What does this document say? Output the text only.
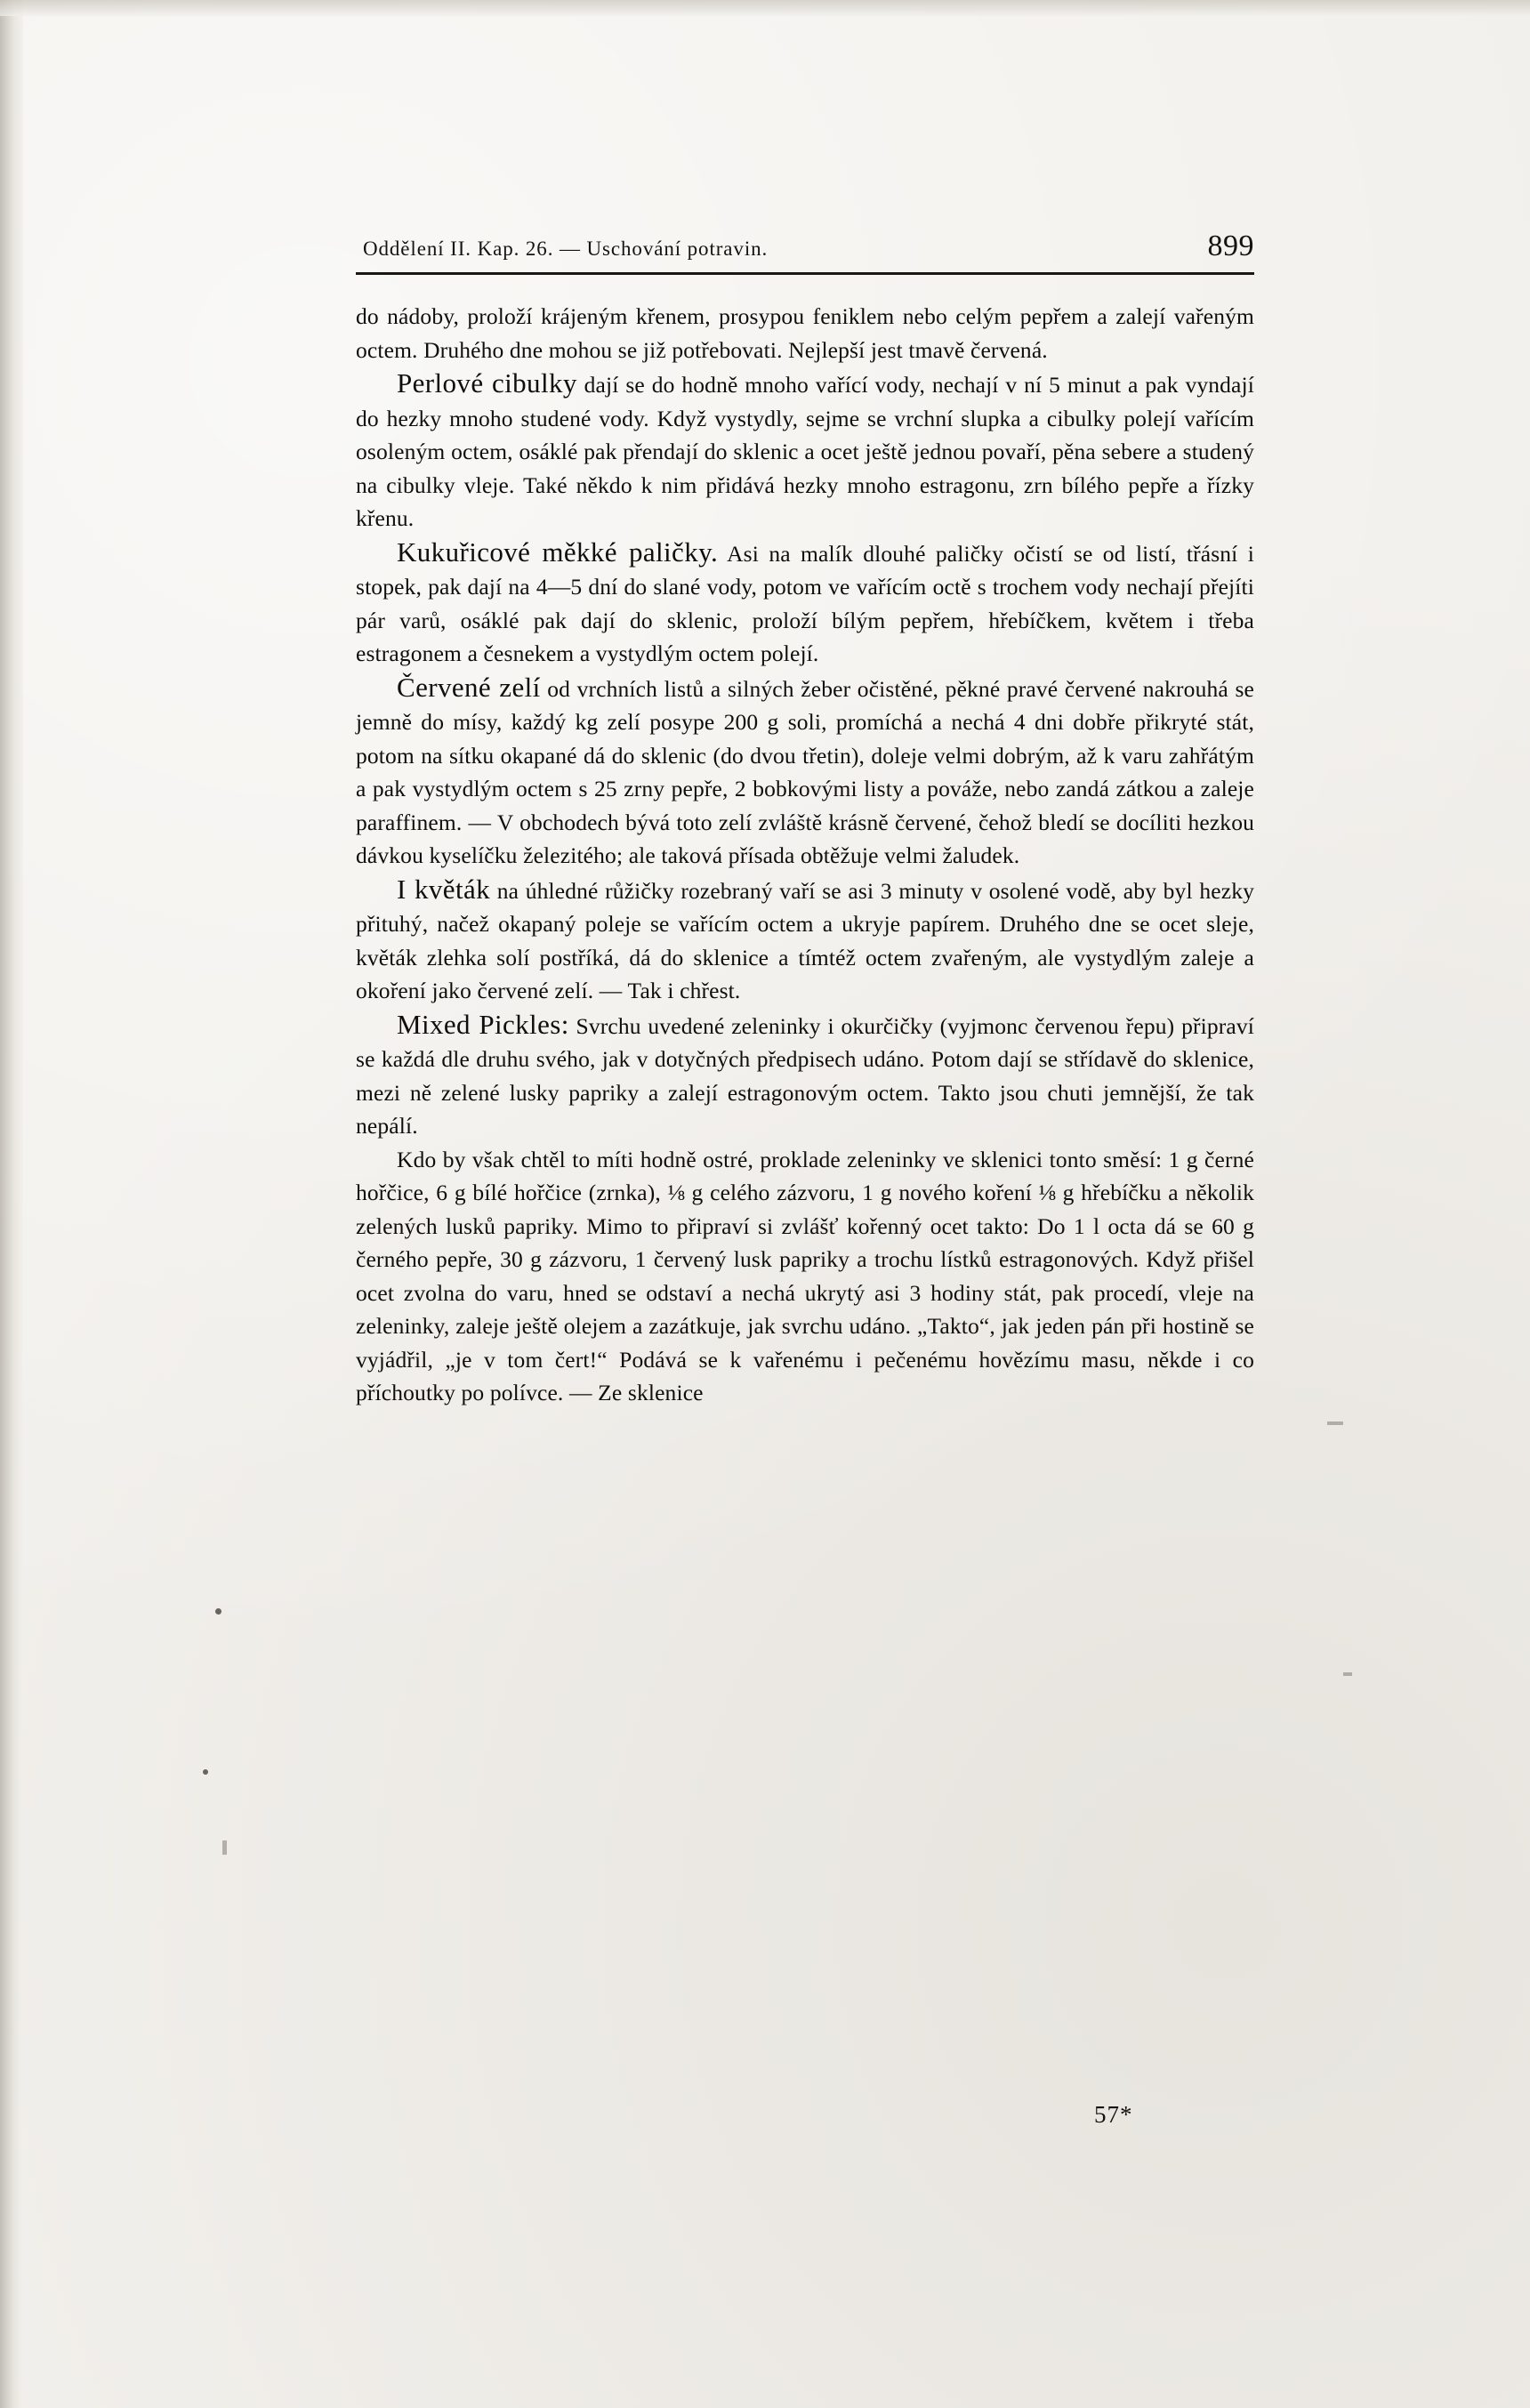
Oddělení II. Kap. 26. — Uschování potravin.	899

do nádoby, proloží krájeným křenem, prosypou feniklem nebo celým pepřem a zalejí vařeným octem. Druhého dne mohou se již potřebovati. Nejlepší jest tmavě červená.

Perlové cibulky dají se do hodně mnoho vařící vody, nechají v ní 5 minut a pak vyndají do hezky mnoho studené vody. Když vystydly, sejme se vrchní slupka a cibulky polejí vařícím osoleným octem, osáklé pak přendají do sklenic a ocet ještě jednou povaří, pěna sebere a studený na cibulky vleje. Také někdo k nim přidává hezky mnoho estragonu, zrn bílého pepře a řízky křenu.

Kukuřicové měkké paličky. Asi na malík dlouhé paličky očistí se od listí, třásní i stopek, pak dají na 4—5 dní do slané vody, potom ve vařícím octě s trochem vody nechají přejíti pár varů, osáklé pak dají do sklenic, proloží bílým pepřem, hřebíčkem, květem i třeba estragonem a česnekem a vystydlým octem polejí.

Červené zelí od vrchních listů a silných žeber očistěné, pěkné pravé červené nakrouhá se jemně do mísy, každý kg zelí posype 200 g soli, promíchá a nechá 4 dni dobře přikryté stát, potom na sítku okapané dá do sklenic (do dvou třetin), doleje velmi dobrým, až k varu zahřátým a pak vystydlým octem s 25 zrny pepře, 2 bobkovými listy a pováže, nebo zandá zátkou a zaleje paraffinem. — V obchodech bývá toto zelí zvláště krásně červené, čehož bledí se docíliti hezkou dávkou kyselíčku železitého; ale taková přísada obtěžuje velmi žaludek.

I květák na úhledné růžičky rozebraný vaří se asi 3 minuty v osolené vodě, aby byl hezky přituhý, načež okapaný poleje se vařícím octem a ukryje papírem. Druhého dne se ocet sleje, květák zlehka solí postříká, dá do sklenice a tímtéž octem zvařeným, ale vystydlým zaleje a okoření jako červené zelí. — Tak i chřest.

Mixed Pickles: Svrchu uvedené zeleninky i okurčičky (vyjmonc červenou řepu) připraví se každá dle druhu svého, jak v dotyčných předpisech udáno. Potom dají se střídavě do sklenice, mezi ně zelené lusky papriky a zalejí estragonovým octem. Takto jsou chuti jemnější, že tak nepálí.

Kdo by však chtěl to míti hodně ostré, proklade zeleninky ve sklenici tonto směsí: 1 g černé hořčice, 6 g bílé hořčice (zrnka), ⅛ g celého zázvoru, 1 g nového koření ⅛ g hřebíčku a několik zelených lusků papriky. Mimo to připraví si zvlášť kořenný ocet takto: Do 1 l octa dá se 60 g černého pepře, 30 g zázvoru, 1 červený lusk papriky a trochu lístků estragonových. Když přišel ocet zvolna do varu, hned se odstaví a nechá ukrytý asi 3 hodiny stát, pak procedí, vleje na zeleninky, zaleje ještě olejem a zazátkuje, jak svrchu udáno. „Takto“, jak jeden pán při hostině se vyjádřil, „je v tom čert!“ Podává se k vařenému i pečenému hovězímu masu, někde i co příchoutky po polívce. — Ze sklenice

57*
